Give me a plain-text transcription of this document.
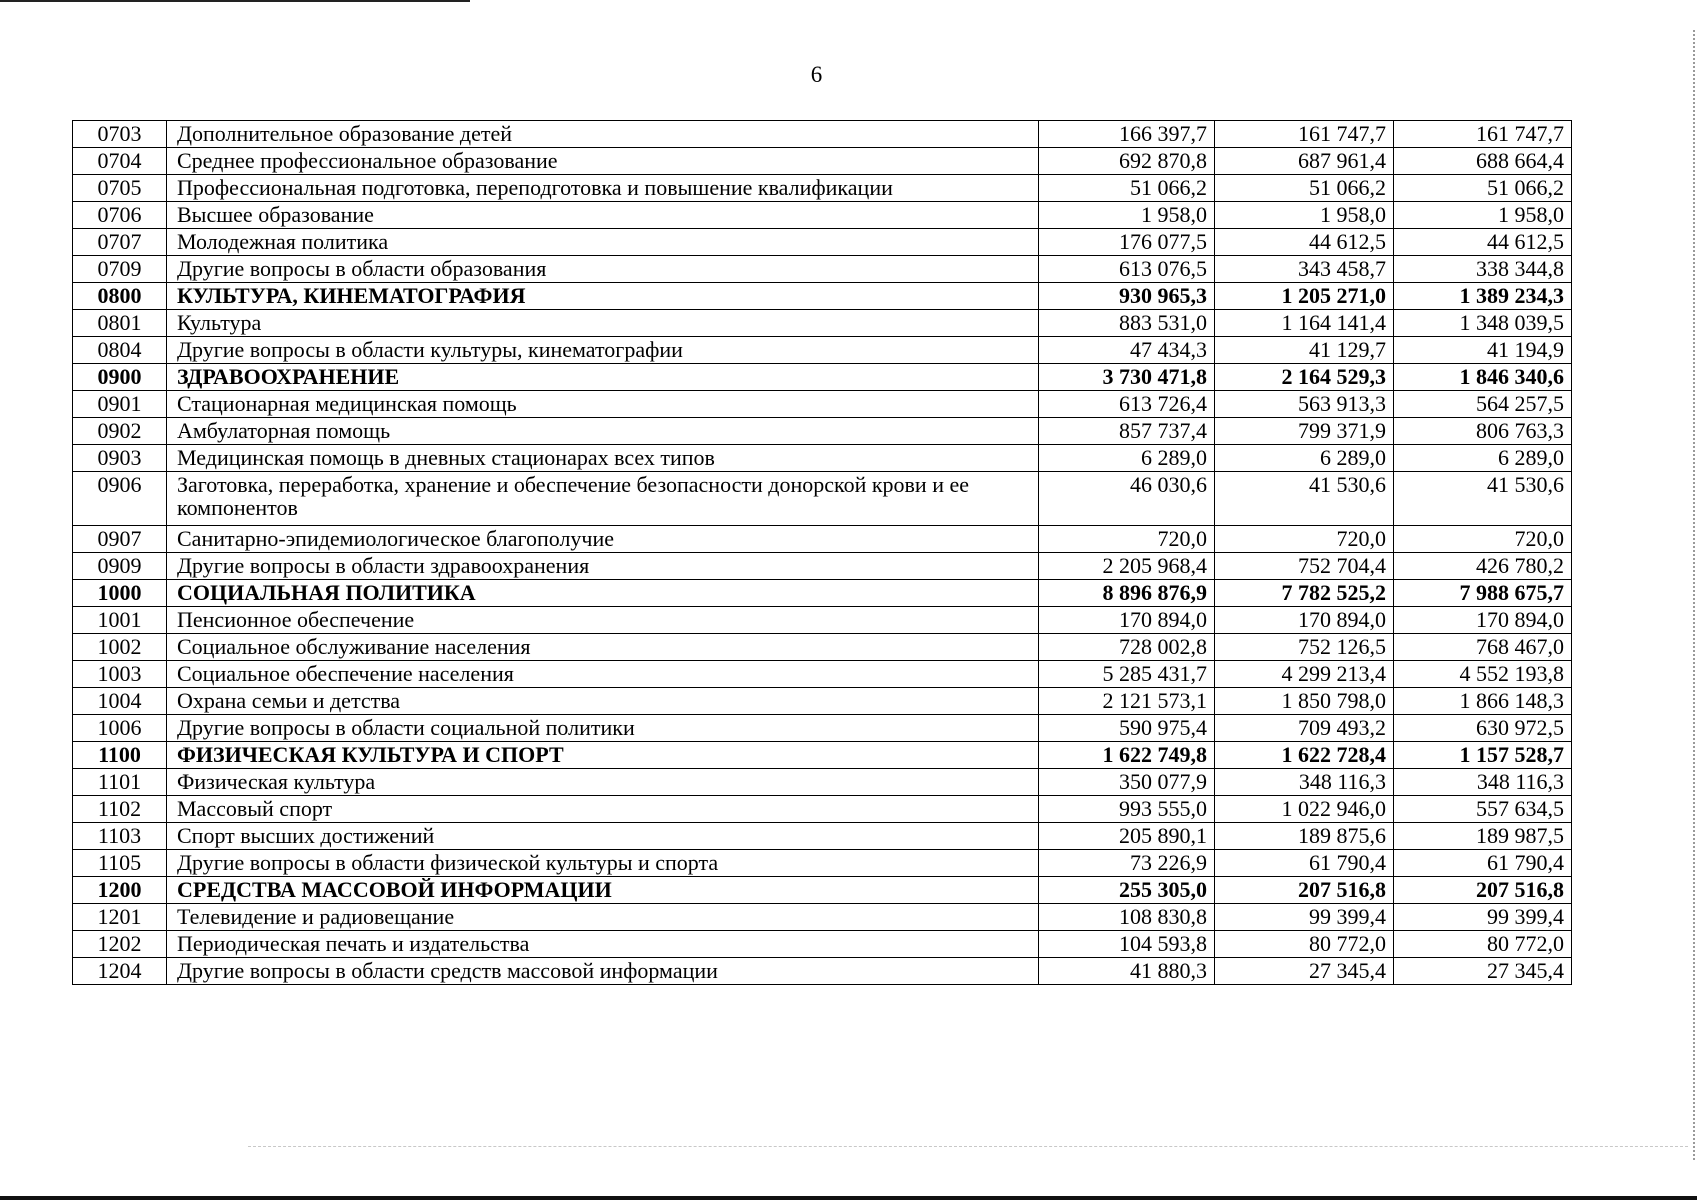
6
0703	Дополнительное образование детей	166 397,7	161 747,7	161 747,7
0704	Среднее профессиональное образование	692 870,8	687 961,4	688 664,4
0705	Профессиональная подготовка, переподготовка и повышение квалификации	51 066,2	51 066,2	51 066,2
0706	Высшее образование	1 958,0	1 958,0	1 958,0
0707	Молодежная политика	176 077,5	44 612,5	44 612,5
0709	Другие вопросы в области образования	613 076,5	343 458,7	338 344,8
0800	КУЛЬТУРА, КИНЕМАТОГРАФИЯ	930 965,3	1 205 271,0	1 389 234,3
0801	Культура	883 531,0	1 164 141,4	1 348 039,5
0804	Другие вопросы в области культуры, кинематографии	47 434,3	41 129,7	41 194,9
0900	ЗДРАВООХРАНЕНИЕ	3 730 471,8	2 164 529,3	1 846 340,6
0901	Стационарная медицинская помощь	613 726,4	563 913,3	564 257,5
0902	Амбулаторная помощь	857 737,4	799 371,9	806 763,3
0903	Медицинская помощь в дневных стационарах всех типов	6 289,0	6 289,0	6 289,0
0906	Заготовка, переработка, хранение и обеспечение безопасности донорской крови и ее компонентов	46 030,6	41 530,6	41 530,6
0907	Санитарно-эпидемиологическое благополучие	720,0	720,0	720,0
0909	Другие вопросы в области здравоохранения	2 205 968,4	752 704,4	426 780,2
1000	СОЦИАЛЬНАЯ ПОЛИТИКА	8 896 876,9	7 782 525,2	7 988 675,7
1001	Пенсионное обеспечение	170 894,0	170 894,0	170 894,0
1002	Социальное обслуживание населения	728 002,8	752 126,5	768 467,0
1003	Социальное обеспечение населения	5 285 431,7	4 299 213,4	4 552 193,8
1004	Охрана семьи и детства	2 121 573,1	1 850 798,0	1 866 148,3
1006	Другие вопросы в области социальной политики	590 975,4	709 493,2	630 972,5
1100	ФИЗИЧЕСКАЯ КУЛЬТУРА И СПОРТ	1 622 749,8	1 622 728,4	1 157 528,7
1101	Физическая культура	350 077,9	348 116,3	348 116,3
1102	Массовый спорт	993 555,0	1 022 946,0	557 634,5
1103	Спорт высших достижений	205 890,1	189 875,6	189 987,5
1105	Другие вопросы в области физической культуры и спорта	73 226,9	61 790,4	61 790,4
1200	СРЕДСТВА МАССОВОЙ ИНФОРМАЦИИ	255 305,0	207 516,8	207 516,8
1201	Телевидение и радиовещание	108 830,8	99 399,4	99 399,4
1202	Периодическая печать и издательства	104 593,8	80 772,0	80 772,0
1204	Другие вопросы в области средств массовой информации	41 880,3	27 345,4	27 345,4
